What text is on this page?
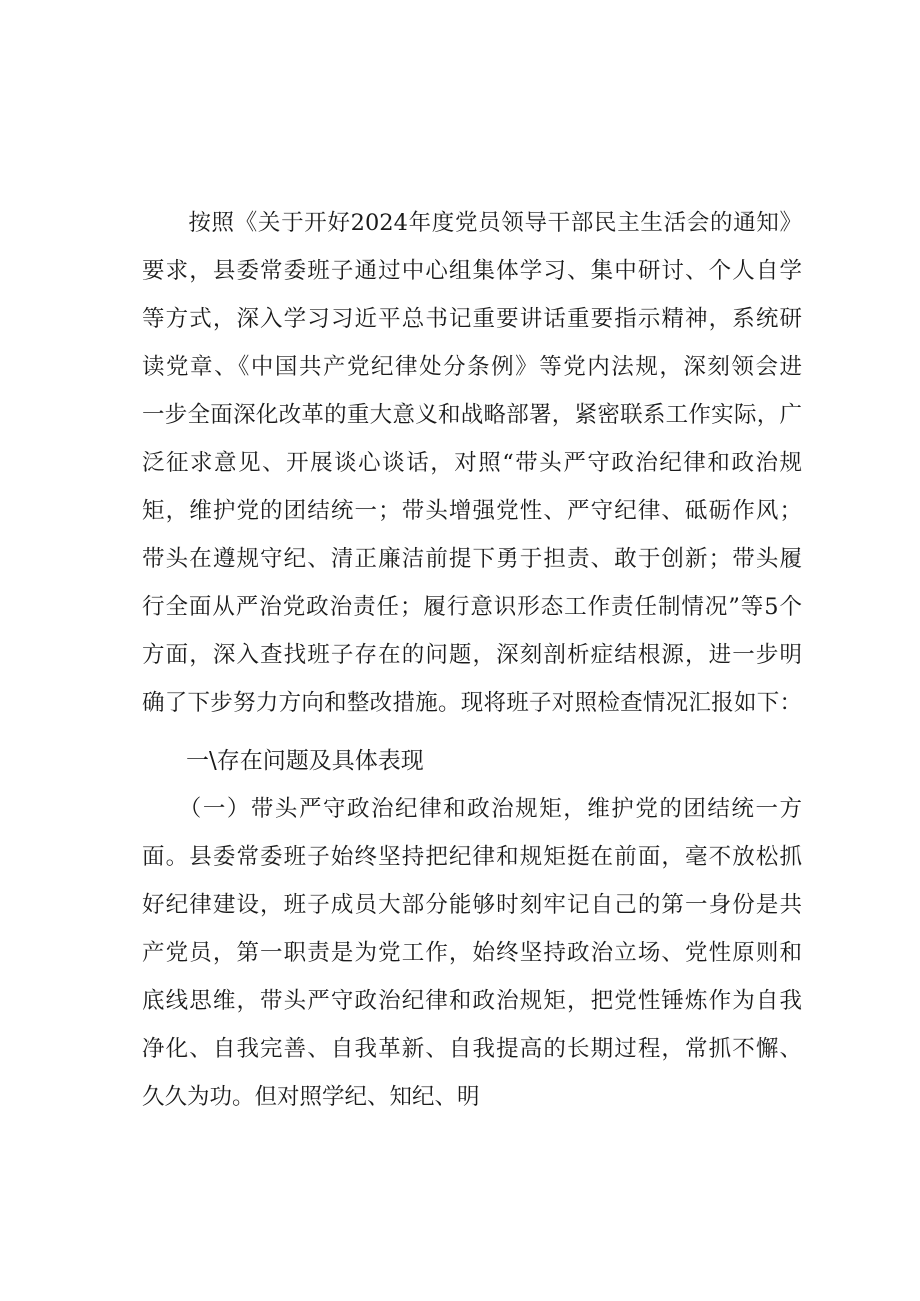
　　按照《关于开好2024年度党员领导干部民主生活会的通知》
要求，县委常委班子通过中心组集体学习、集中研讨、个人自学
等方式，深入学习习近平总书记重要讲话重要指示精神，系统研
读党章、《中国共产党纪律处分条例》等党内法规，深刻领会进
一步全面深化改革的重大意义和战略部署，紧密联系工作实际，广
泛征求意见、开展谈心谈话，对照“带头严守政治纪律和政治规
矩，维护党的团结统一；带头增强党性、严守纪律、砥砺作风；
带头在遵规守纪、清正廉洁前提下勇于担责、敢于创新；带头履
行全面从严治党政治责任；履行意识形态工作责任制情况”等5个
方面，深入查找班子存在的问题，深刻剖析症结根源，进一步明
确了下步努力方向和整改措施。现将班子对照检查情况汇报如下：
一\存在问题及具体表现
　　（一）带头严守政治纪律和政治规矩，维护党的团结统一方
面。县委常委班子始终坚持把纪律和规矩挺在前面，毫不放松抓
好纪律建设，班子成员大部分能够时刻牢记自己的第一身份是共
产党员，第一职责是为党工作，始终坚持政治立场、党性原则和
底线思维，带头严守政治纪律和政治规矩，把党性锤炼作为自我
净化、自我完善、自我革新、自我提高的长期过程，常抓不懈、
久久为功。但对照学纪、知纪、明
